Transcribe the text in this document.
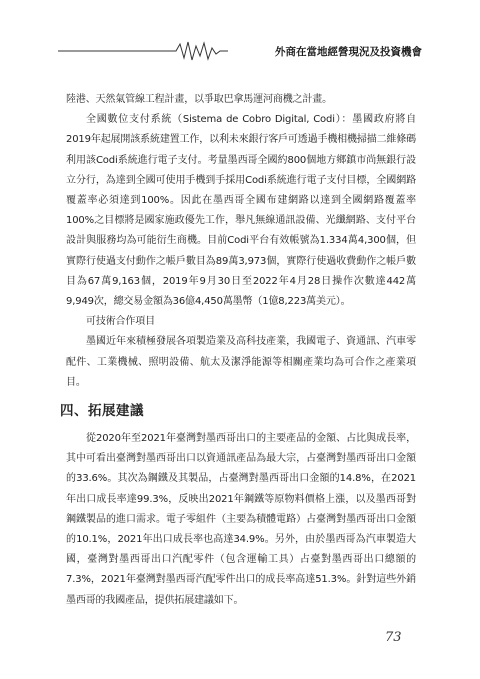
外商在當地經營現況及投資機會

陸港、天然氣管線工程計畫，以爭取巴拿馬運河商機之計畫。

全國數位支付系統（Sistema de Cobro Digital, Codi）：墨國政府將自2019年起展開該系統建置工作，以利未來銀行客戶可透過手機相機掃描二維條碼利用該Codi系統進行電子支付。考量墨西哥全國約800個地方鄉鎮市尚無銀行設立分行，為達到全國可使用手機到手採用Codi系統進行電子支付目標，全國網路覆蓋率必須達到100%。因此在墨西哥全國布建網路以達到全國網路覆蓋率100%之目標將是國家施政優先工作，舉凡無線通訊設備、光纖網路、支付平台設計與服務均為可能衍生商機。目前Codi平台有效帳號為1.334萬4,300個，但實際行使過支付動作之帳戶數目為89萬3,973個，實際行使過收費動作之帳戶數目為67萬9,163個，2019年9月30日至2022年4月28日操作次數達442萬9,949次，總交易金額為36億4,450萬墨幣（1億8,223萬美元）。

可技術合作項目

墨國近年來積極發展各項製造業及高科技產業，我國電子、資通訊、汽車零配件、工業機械、照明設備、航太及潔淨能源等相關產業均為可合作之產業項目。

四、拓展建議

從2020年至2021年臺灣對墨西哥出口的主要產品的金額、占比與成長率，其中可看出臺灣對墨西哥出口以資通訊產品為最大宗，占臺灣對墨西哥出口金額的33.6%。其次為鋼鐵及其製品，占臺灣對墨西哥出口金額的14.8%，在2021年出口成長率達99.3%，反映出2021年鋼鐵等原物料價格上漲，以及墨西哥對鋼鐵製品的進口需求。電子零組件（主要為積體電路）占臺灣對墨西哥出口金額的10.1%，2021年出口成長率也高達34.9%。另外，由於墨西哥為汽車製造大國，臺灣對墨西哥出口汽配零件（包含運輸工具）占臺對墨西哥出口總額的7.3%，2021年臺灣對墨西哥汽配零件出口的成長率高達51.3%。針對這些外銷墨西哥的我國產品，提供拓展建議如下。

73
